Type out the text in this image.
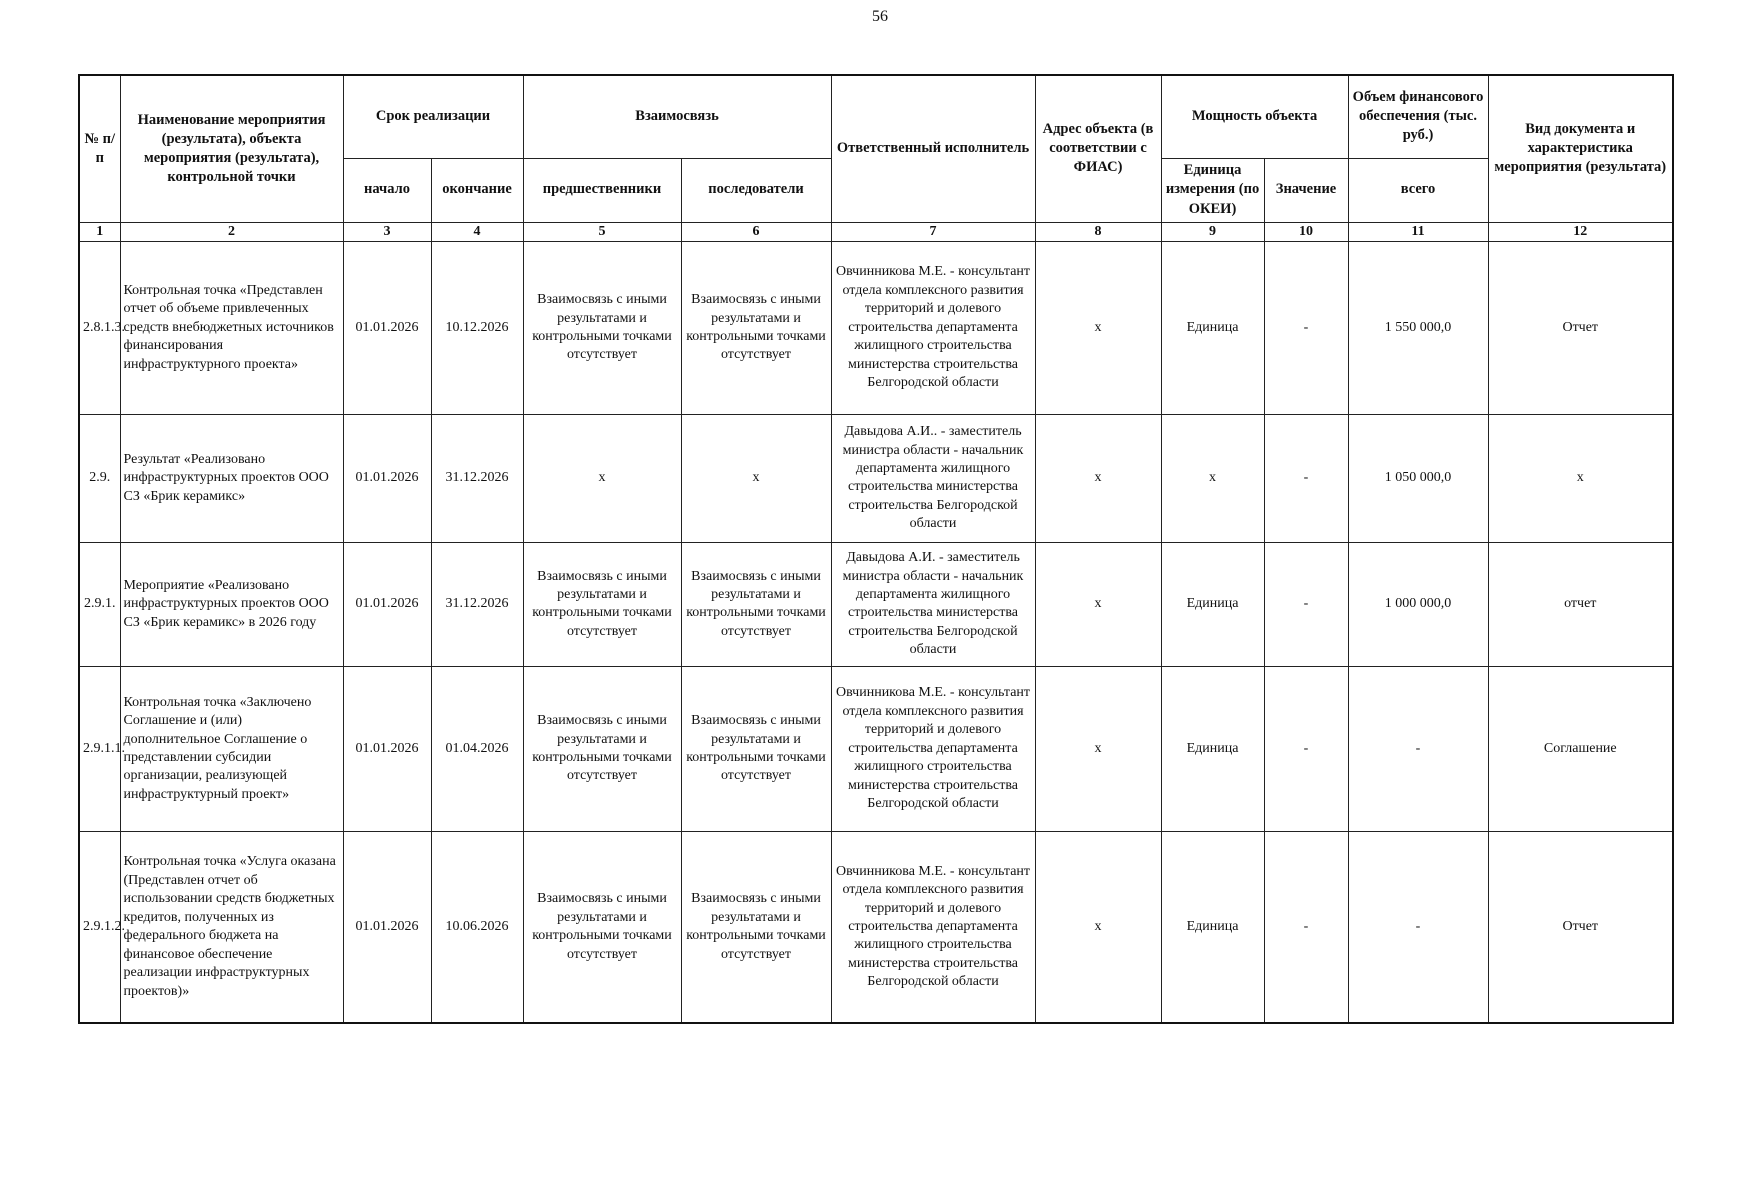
56
№ п/п	Наименование мероприятия (результата), объекта мероприятия (результата), контрольной точки	Срок реализации		Взаимосвязь		Ответственный исполнитель	Адрес объекта (в соответствии с ФИАС)	Мощность объекта		Объем финансового обеспечения (тыс. руб.)	Вид документа и характеристика мероприятия (результата)
		начало	окончание	предшественники	последователи			Единица измерения (по ОКЕИ)	Значение	всего	
1	2	3	4	5	6	7	8	9	10	11	12
2.8.1.3.	Контрольная точка «Представлен отчет об объеме привлеченных средств внебюджетных источников финансирования инфраструктурного проекта»	01.01.2026	10.12.2026	Взаимосвязь с иными результатами и контрольными точками отсутствует	Взаимосвязь с иными результатами и контрольными точками отсутствует	Овчинникова М.Е. - консультант отдела комплексного развития территорий и долевого строительства департамента жилищного строительства министерства строительства Белгородской области	х	Единица	-	1 550 000,0	Отчет
2.9.	Результат «Реализовано инфраструктурных проектов ООО СЗ «Брик керамикс»	01.01.2026	31.12.2026	х	х	Давыдова А.И.. - заместитель министра области - начальник департамента жилищного строительства министерства строительства Белгородской области	х	х	-	1 050 000,0	х
2.9.1.	Мероприятие «Реализовано инфраструктурных проектов ООО СЗ «Брик керамикс» в 2026 году	01.01.2026	31.12.2026	Взаимосвязь с иными результатами и контрольными точками отсутствует	Взаимосвязь с иными результатами и контрольными точками отсутствует	Давыдова А.И. - заместитель министра области - начальник департамента жилищного строительства министерства строительства Белгородской области	х	Единица	-	1 000 000,0	отчет
2.9.1.1.	Контрольная точка «Заключено Соглашение и (или) дополнительное Соглашение о представлении субсидии организации, реализующей инфраструктурный проект»	01.01.2026	01.04.2026	Взаимосвязь с иными результатами и контрольными точками отсутствует	Взаимосвязь с иными результатами и контрольными точками отсутствует	Овчинникова М.Е. - консультант отдела комплексного развития территорий и долевого строительства департамента жилищного строительства министерства строительства Белгородской области	х	Единица	-	-	Соглашение
2.9.1.2.	Контрольная точка «Услуга оказана (Представлен отчет об использовании средств бюджетных кредитов, полученных из федерального бюджета на финансовое обеспечение реализации инфраструктурных проектов)»	01.01.2026	10.06.2026	Взаимосвязь с иными результатами и контрольными точками отсутствует	Взаимосвязь с иными результатами и контрольными точками отсутствует	Овчинникова М.Е. - консультант отдела комплексного развития территорий и долевого строительства департамента жилищного строительства министерства строительства Белгородской области	х	Единица	-	-	Отчет
